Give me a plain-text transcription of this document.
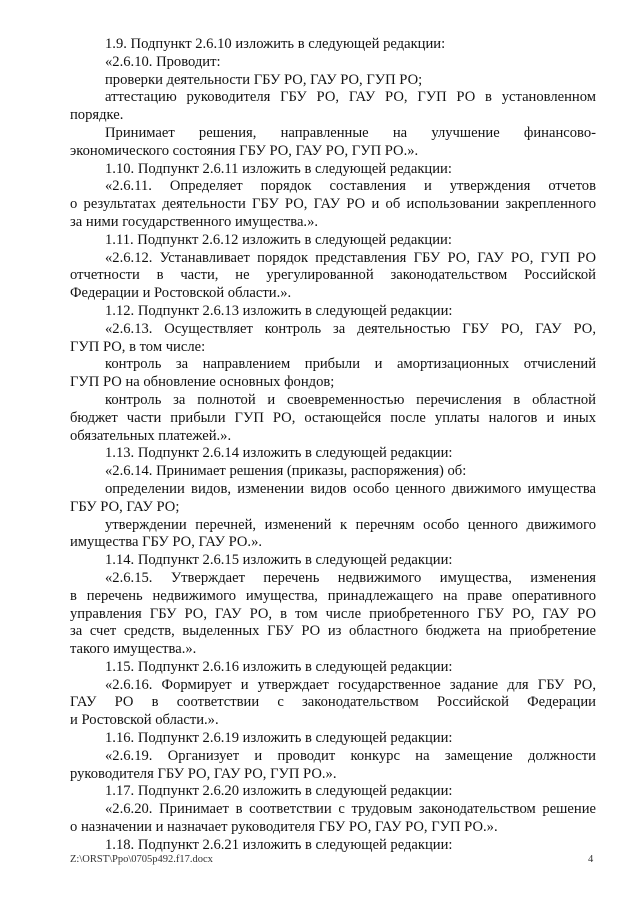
1.9. Подпункт 2.6.10 изложить в следующей редакции:
«2.6.10. Проводит:
проверки деятельности ГБУ РО, ГАУ РО, ГУП РО;
аттестацию руководителя ГБУ РО, ГАУ РО, ГУП РО в установленном
порядке.
Принимает решения, направленные на улучшение финансово-
экономического состояния ГБУ РО, ГАУ РО, ГУП РО.».
1.10. Подпункт 2.6.11 изложить в следующей редакции:
«2.6.11. Определяет порядок составления и утверждения отчетов
о результатах деятельности ГБУ РО, ГАУ РО и об использовании закрепленного
за ними государственного имущества.».
1.11. Подпункт 2.6.12 изложить в следующей редакции:
«2.6.12. Устанавливает порядок представления ГБУ РО, ГАУ РО, ГУП РО
отчетности в части, не урегулированной законодательством Российской
Федерации и Ростовской области.».
1.12. Подпункт 2.6.13 изложить в следующей редакции:
«2.6.13. Осуществляет контроль за деятельностью ГБУ РО, ГАУ РО,
ГУП РО, в том числе:
контроль за направлением прибыли и амортизационных отчислений
ГУП РО на обновление основных фондов;
контроль за полнотой и своевременностью перечисления в областной
бюджет части прибыли ГУП РО, остающейся после уплаты налогов и иных
обязательных платежей.».
1.13. Подпункт 2.6.14 изложить в следующей редакции:
«2.6.14. Принимает решения (приказы, распоряжения) об:
определении видов, изменении видов особо ценного движимого имущества
ГБУ РО, ГАУ РО;
утверждении перечней, изменений к перечням особо ценного движимого
имущества ГБУ РО, ГАУ РО.».
1.14. Подпункт 2.6.15 изложить в следующей редакции:
«2.6.15. Утверждает перечень недвижимого имущества, изменения
в перечень недвижимого имущества, принадлежащего на праве оперативного
управления ГБУ РО, ГАУ РО, в том числе приобретенного ГБУ РО, ГАУ РО
за счет средств, выделенных ГБУ РО из областного бюджета на приобретение
такого имущества.».
1.15. Подпункт 2.6.16 изложить в следующей редакции:
«2.6.16. Формирует и утверждает государственное задание для ГБУ РО,
ГАУ РО в соответствии с законодательством Российской Федерации
и Ростовской области.».
1.16. Подпункт 2.6.19 изложить в следующей редакции:
«2.6.19. Организует и проводит конкурс на замещение должности
руководителя ГБУ РО, ГАУ РО, ГУП РО.».
1.17. Подпункт 2.6.20 изложить в следующей редакции:
«2.6.20. Принимает в соответствии с трудовым законодательством решение
о назначении и назначает руководителя ГБУ РО, ГАУ РО, ГУП РО.».
1.18. Подпункт 2.6.21 изложить в следующей редакции:
Z:\ORST\Ppo\0705p492.f17.docx	4
